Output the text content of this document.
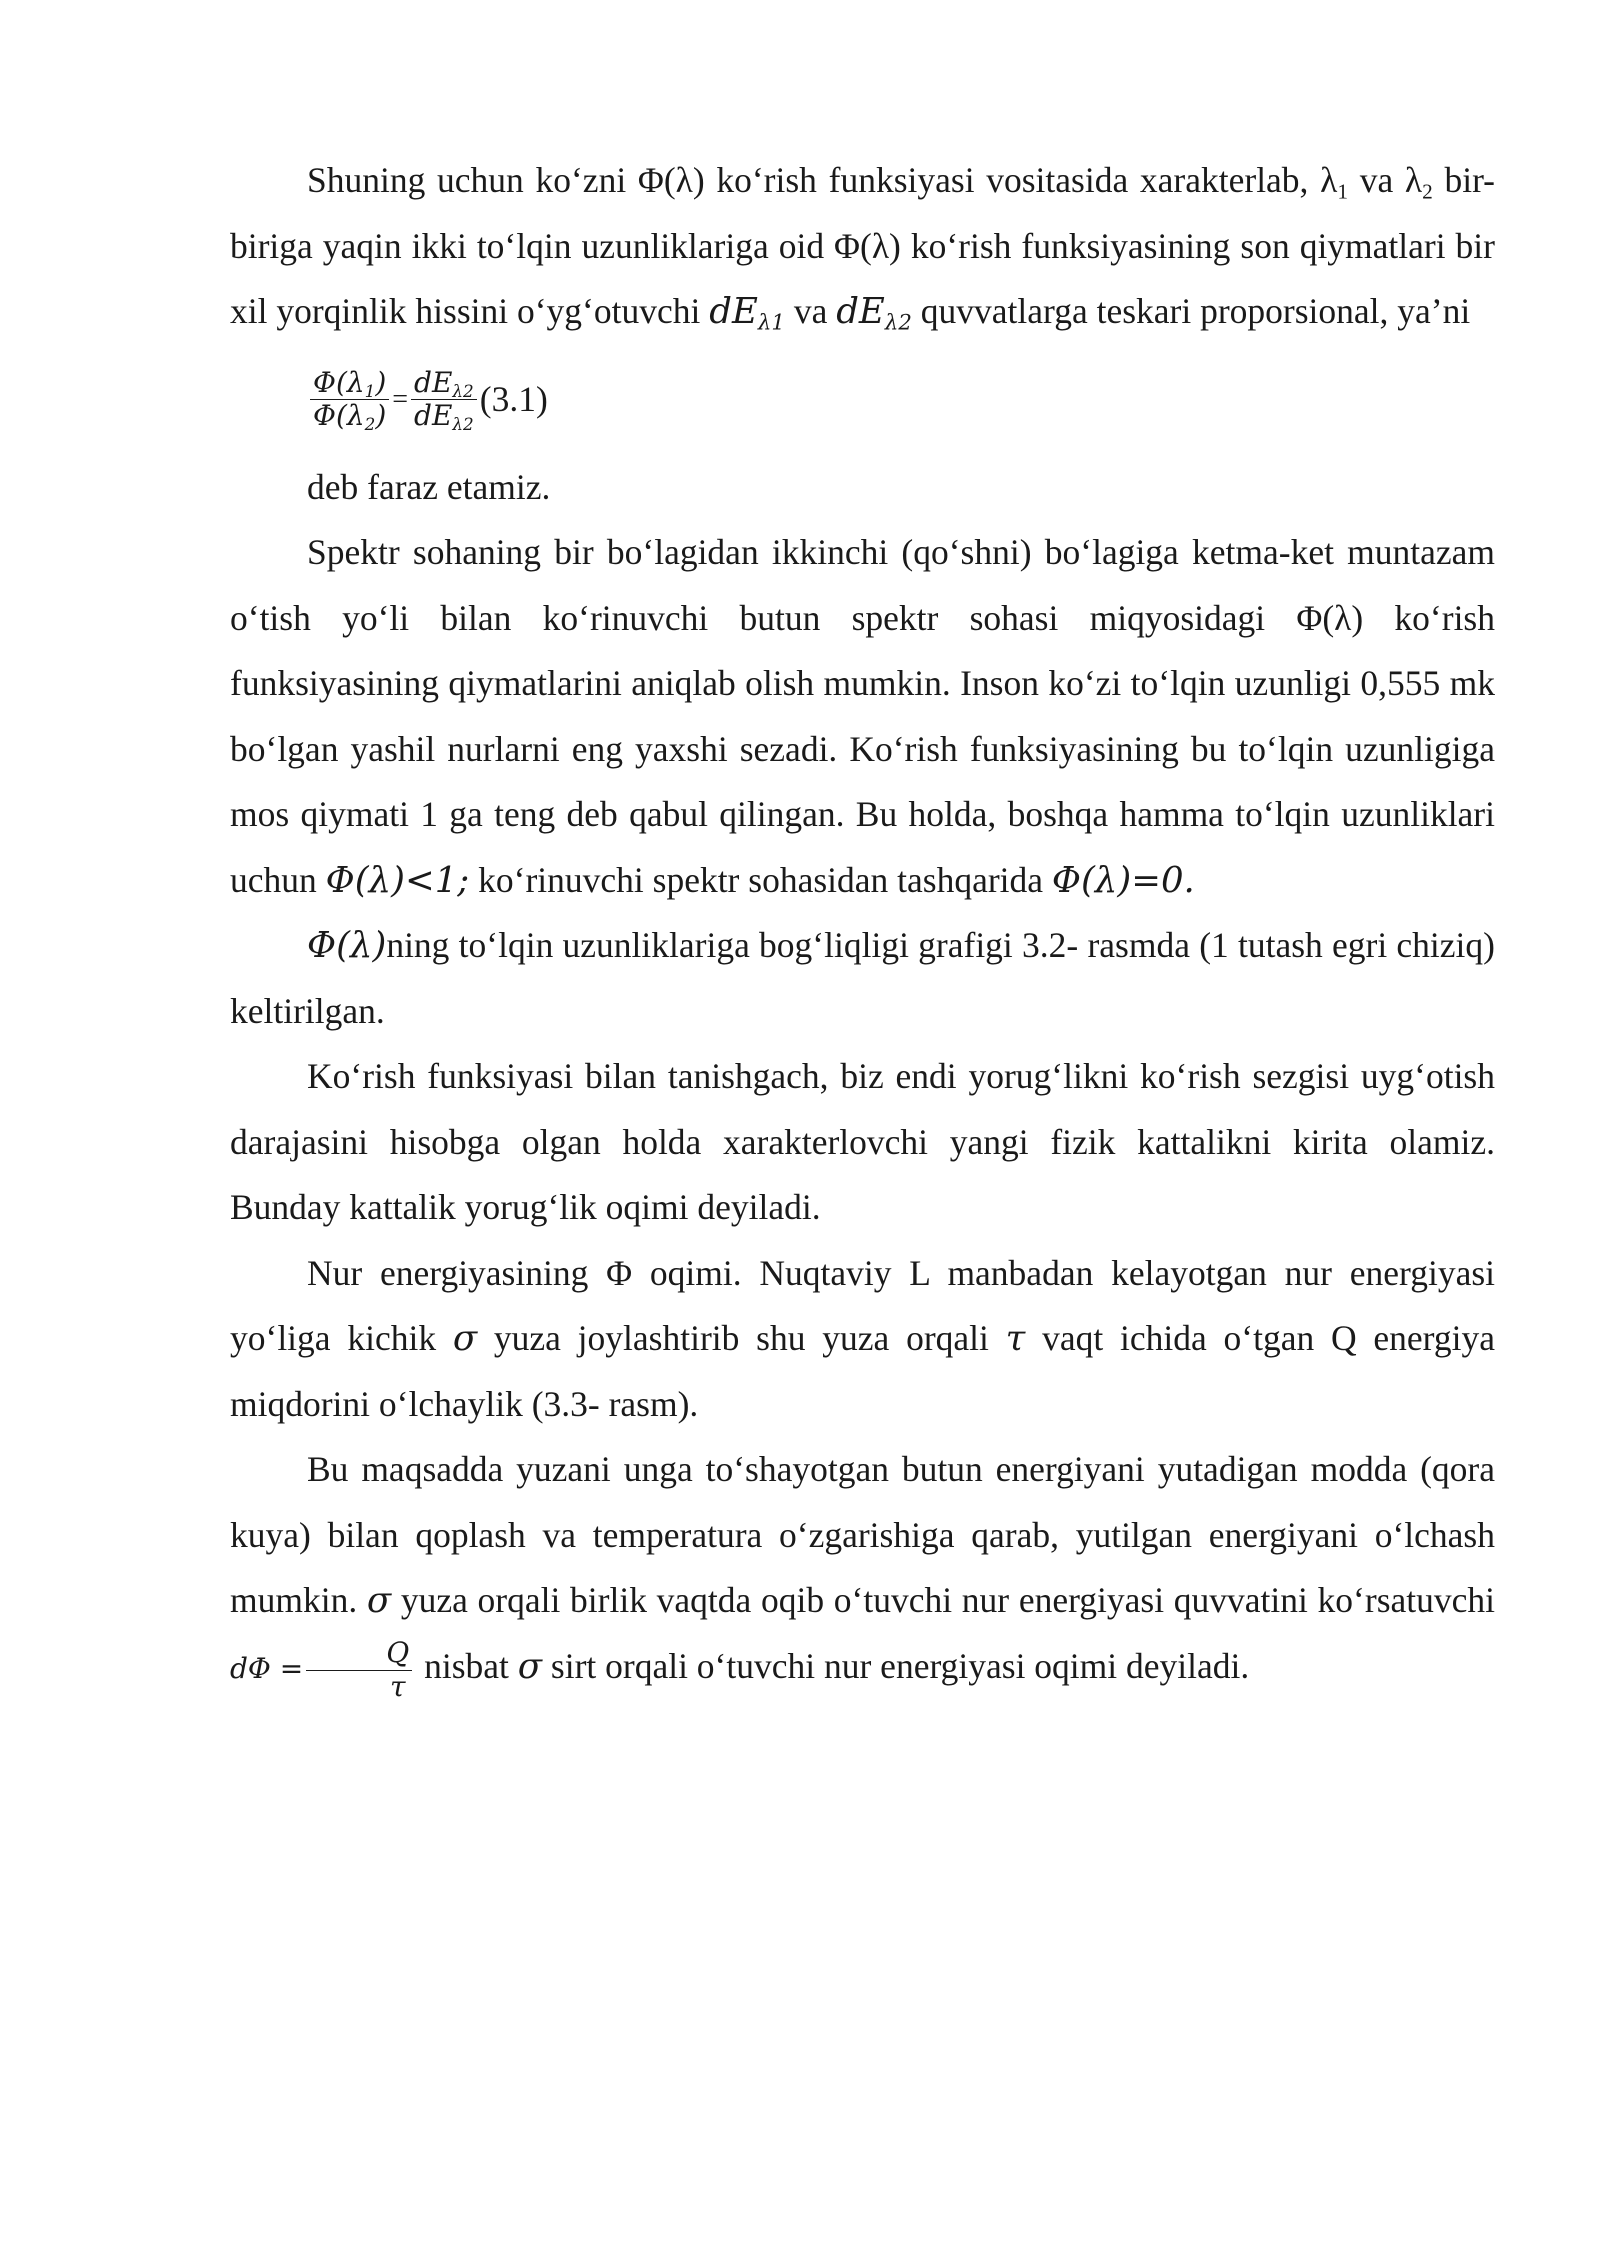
Shuning uchun ko‘zni Φ(λ) ko‘rish funksiyasi vositasida xarakterlab, $\lambda_1$ va $\lambda_2$ bir-biriga yaqin ikki to‘lqin uzunliklariga oid Φ(λ) ko‘rish funksiyasining son qiymatlari bir xil yorqinlik hissini o‘yg‘otuvchi $dE_{\lambda 1}$ va $dE_{\lambda 2}$ quvvatlarga teskari proporsional, ya’ni

$\frac{\Phi(\lambda_1)}{\Phi(\lambda_2)} = \frac{dE_{\lambda 2}}{dE_{\lambda 2}} (3.1)$

deb faraz etamiz.

Spektr sohaning bir bo‘lagidan ikkinchi (qo‘shni) bo‘lagiga ketma-ket muntazam o‘tish yo‘li bilan ko‘rinuvchi butun spektr sohasi miqyosidagi Φ(λ) ko‘rish funksiyasining qiymatlarini aniqlab olish mumkin. Inson ko‘zi to‘lqin uzunligi 0,555 mk bo‘lgan yashil nurlarni eng yaxshi sezadi. Ko‘rish funksiyasining bu to‘lqin uzunligiga mos qiymati 1 ga teng deb qabul qilingan. Bu holda, boshqa hamma to‘lqin uzunliklari uchun Φ(λ)<1; ko‘rinuvchi spektr sohasidan tashqarida Φ(λ)=0.

Φ(λ)ning to‘lqin uzunliklariga bog‘liqligi grafigi 3.2- rasmda (1 tutash egri chiziq) keltirilgan.

Ko‘rish funksiyasi bilan tanishgach, biz endi yorug‘likni ko‘rish sezgisi uyg‘otish darajasini hisobga olgan holda xarakterlovchi yangi fizik kattalikni kirita olamiz. Bunday kattalik yorug‘lik oqimi deyiladi.

Nur energiyasining Φ oqimi. Nuqtaviy L manbadan kelayotgan nur energiyasi yo‘liga kichik σ yuza joylashtirib shu yuza orqali τ vaqt ichida o‘tgan Q energiya miqdorini o‘lchaylik (3.3- rasm).

Bu maqsadda yuzani unga to‘shayotgan butun energiyani yutadigan modda (qora kuya) bilan qoplash va temperatura o‘zgarishiga qarab, yutilgan energiyani o‘lchash mumkin. σ yuza orqali birlik vaqtda oqib o‘tuvchi nur energiyasi quvvatini ko‘rsatuvchi $d\Phi = \frac{Q}{\tau}$ nisbat σ sirt orqali o‘tuvchi nur energiyasi oqimi deyiladi.
